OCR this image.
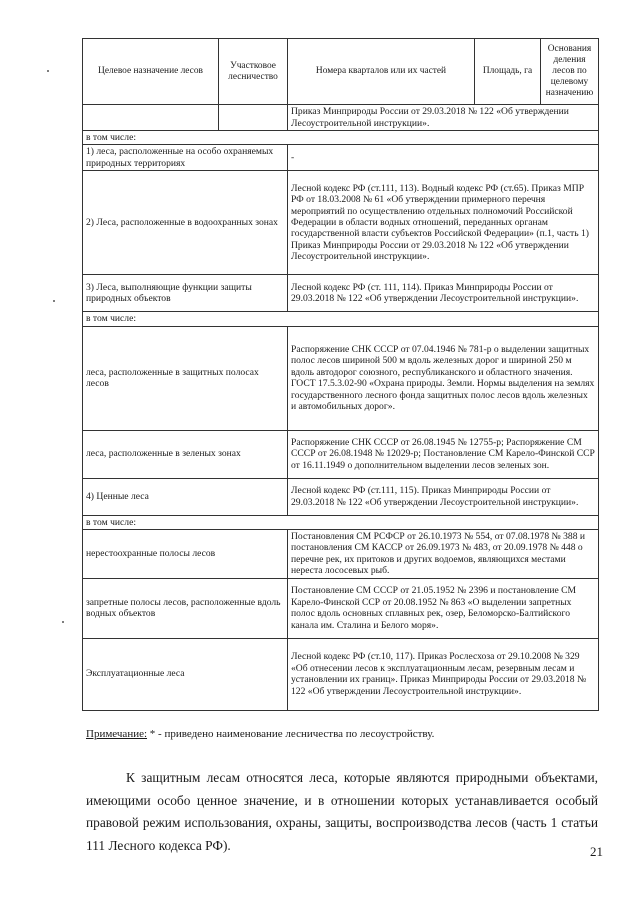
Целевое назначение лесов	Участковое лесничество	Номера кварталов или их частей	Площадь, га	Основания деления лесов по целевому назначению
		Приказ Минприроды России от 29.03.2018 № 122 «Об утверждении Лесоустроительной инструкции».		
в том числе:				
1) леса, расположенные на особо охраняемых природных территориях		-		
2) Леса, расположенные в водоохранных зонах		Лесной кодекс РФ (ст.111, 113). Водный кодекс РФ (ст.65). Приказ МПР РФ от 18.03.2008 № 61 «Об утверждении примерного перечня мероприятий по осуществлению отдельных полномочий Российской Федерации в области водных отношений, переданных органам государственной власти субъектов Российской Федерации» (п.1, часть 1) Приказ Минприроды России от 29.03.2018 № 122 «Об утверждении Лесоустроительной инструкции».		
3) Леса, выполняющие функции защиты природных объектов		Лесной кодекс РФ (ст. 111, 114). Приказ Минприроды России от 29.03.2018 № 122 «Об утверждении Лесоустроительной инструкции».		
в том числе:				
леса, расположенные в защитных полосах лесов		Распоряжение СНК СССР от 07.04.1946 № 781-р о выделении защитных полос лесов шириной 500 м вдоль железных дорог и шириной 250 м вдоль автодорог союзного, республиканского и областного значения. ГОСТ 17.5.3.02-90 «Охрана природы. Земли. Нормы выделения на землях государственного лесного фонда защитных полос лесов вдоль железных и автомобильных дорог».		
леса, расположенные в зеленых зонах		Распоряжение СНК СССР от 26.08.1945 № 12755-р; Распоряжение СМ СССР от 26.08.1948 № 12029-р; Постановление СМ Карело-Финской ССР от 16.11.1949 о дополнительном выделении лесов зеленых зон.		
4) Ценные леса		Лесной кодекс РФ (ст.111, 115). Приказ Минприроды России от 29.03.2018 № 122 «Об утверждении Лесоустроительной инструкции».		
в том числе:				
нерестоохранные полосы лесов		Постановления СМ РСФСР от 26.10.1973 № 554, от 07.08.1978 № 388 и постановления СМ КАССР от 26.09.1973 № 483, от 20.09.1978 № 448 о перечне рек, их притоков и других водоемов, являющихся местами нереста лососевых рыб.		
запретные полосы лесов, расположенные вдоль водных объектов		Постановление СМ СССР от 21.05.1952 № 2396 и постановление СМ Карело-Финской ССР от 20.08.1952 № 863 «О выделении запретных полос вдоль основных сплавных рек, озер, Беломорско-Балтийского канала им. Сталина и Белого моря».		
Эксплуатационные леса		Лесной кодекс РФ (ст.10, 117). Приказ Рослесхоза от 29.10.2008 № 329 «Об отнесении лесов к эксплуатационным лесам, резервным лесам и установлении их границ». Приказ Минприроды России от 29.03.2018 № 122 «Об утверждении Лесоустроительной инструкции».		
Примечание: * - приведено наименование лесничества по лесоустройству.
К защитным лесам относятся леса, которые являются природными объектами, имеющими особо ценное значение, и в отношении которых устанавливается особый правовой режим использования, охраны, защиты, воспроизводства лесов (часть 1 статьи 111 Лесного кодекса РФ).	21
